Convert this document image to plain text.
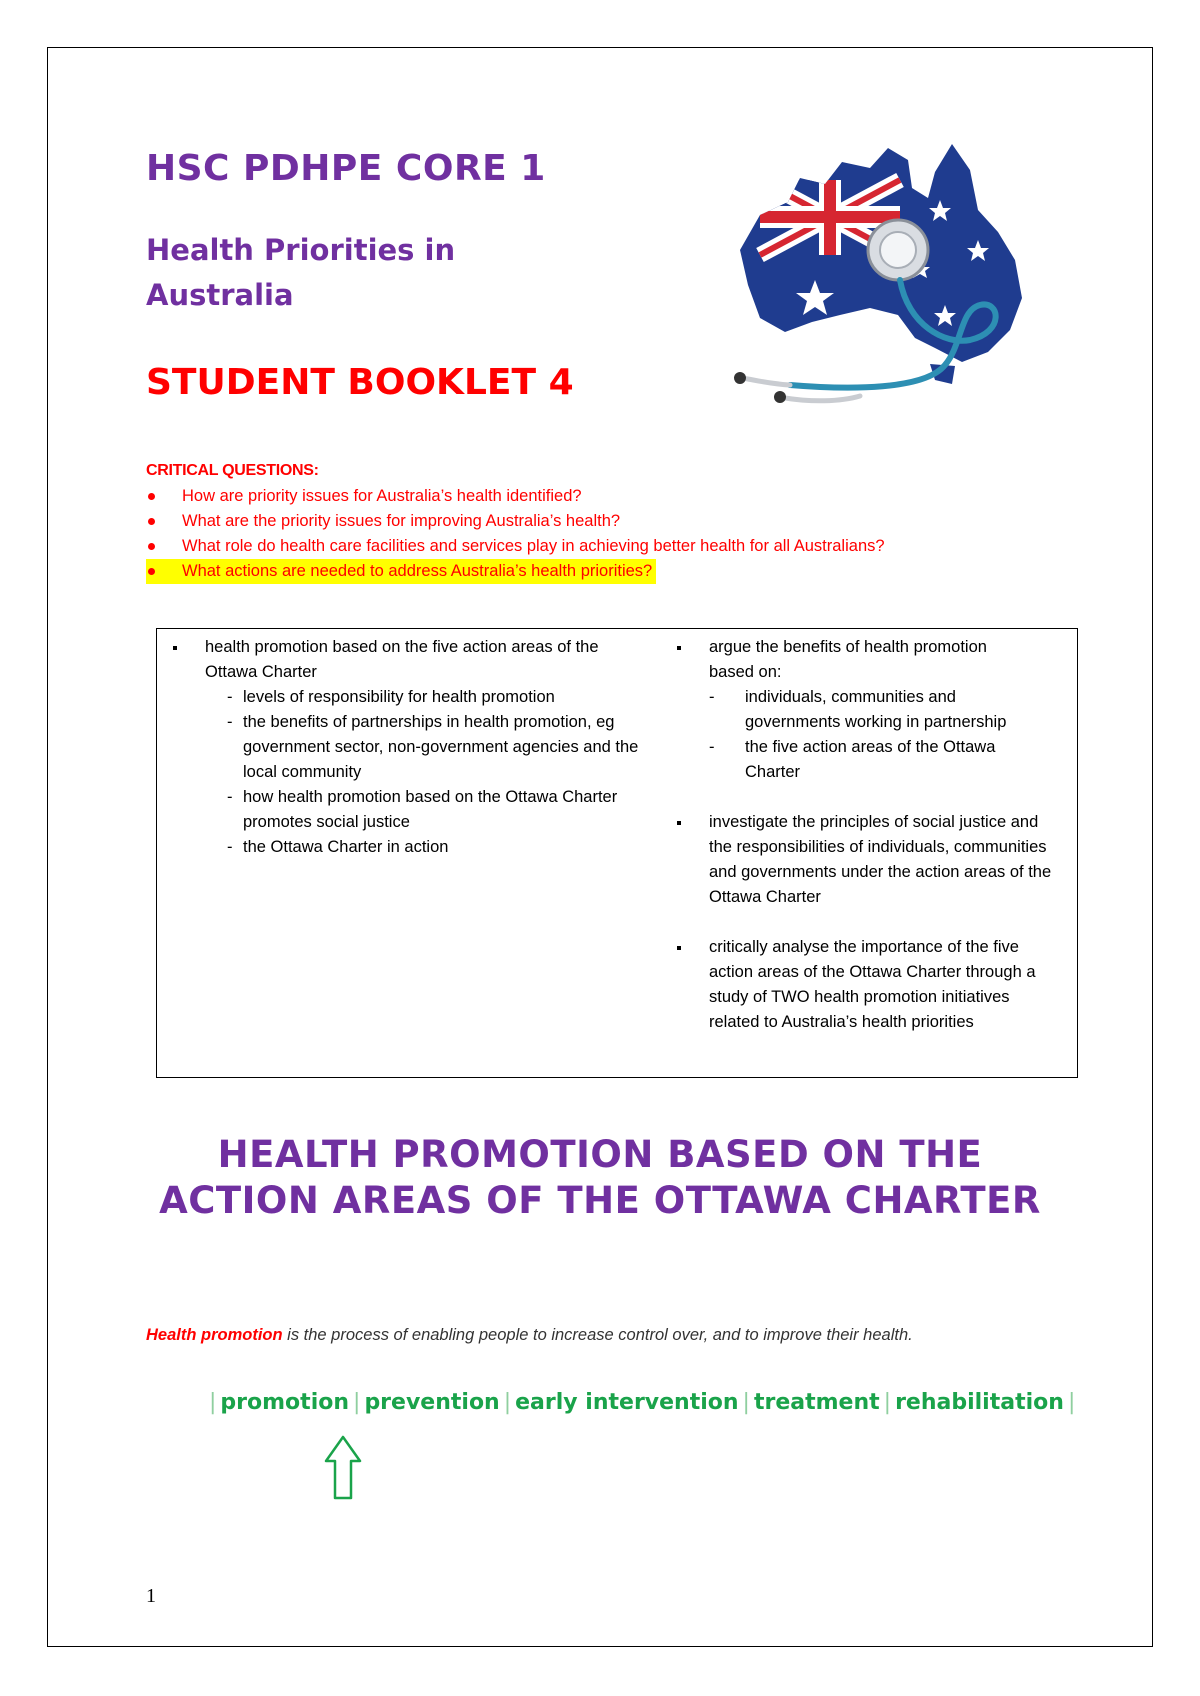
HSC PDHPE CORE 1
Health Priorities in Australia
STUDENT BOOKLET 4

CRITICAL QUESTIONS:

How are priority issues for Australia’s health identified?
What are the priority issues for improving Australia’s health?
What role do health care facilities and services play in achieving better health for all Australians?
What actions are needed to address Australia’s health priorities?
health promotion based on the five action areas of the Ottawa Charter
- levels of responsibility for health promotion
- the benefits of partnerships in health promotion, eg government sector, non-government agencies and the local community
- how health promotion based on the Ottawa Charter promotes social justice
- the Ottawa Charter in action
argue the benefits of health promotion based on:
- individuals, communities and governments working in partnership
- the five action areas of the Ottawa Charter
investigate the principles of social justice and the responsibilities of individuals, communities and governments under the action areas of the Ottawa Charter
critically analyse the importance of the five action areas of the Ottawa Charter through a study of TWO health promotion initiatives related to Australia’s health priorities
HEALTH PROMOTION BASED ON THE ACTION AREAS OF THE OTTAWA CHARTER

Health promotion is the process of enabling people to increase control over, and to improve their health.

| promotion | prevention | early intervention | treatment | rehabilitation |

1
